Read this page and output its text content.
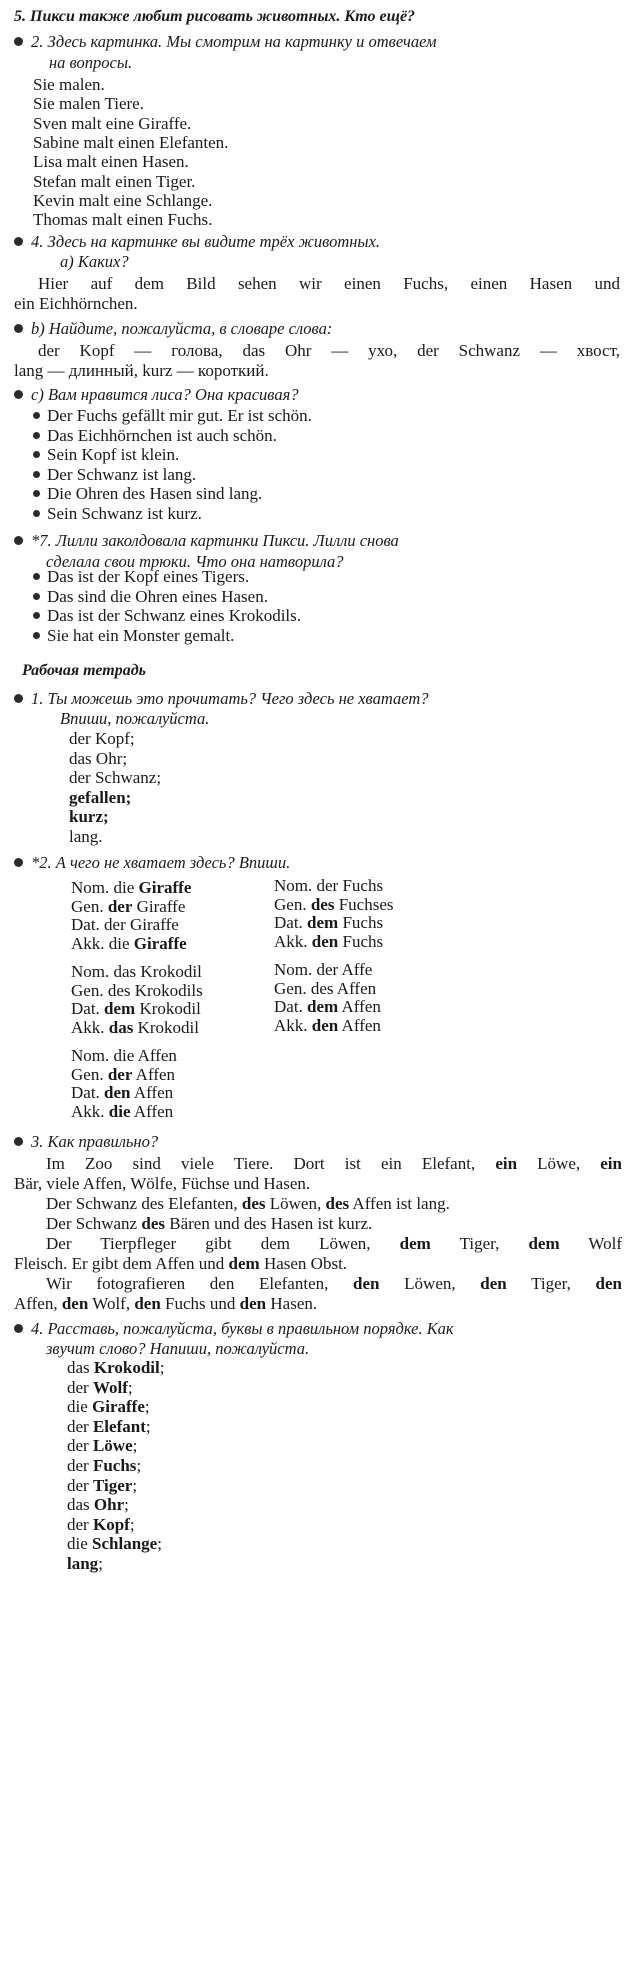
5. Пикси также любит рисовать животных. Кто ещё?
2. Здесь картинка. Мы смотрим на картинку и отвечаем
на вопросы.
Sie malen.
Sie malen Tiere.
Sven malt eine Giraffe.
Sabine malt einen Elefanten.
Lisa malt einen Hasen.
Stefan malt einen Tiger.
Kevin malt eine Schlange.
Thomas malt einen Fuchs.
4. Здесь на картинке вы видите трёх животных.
a) Каких?
Hier auf dem Bild sehen wir einen Fuchs, einen Hasen und
ein Eichhörnchen.
b) Найдите, пожалуйста, в словаре слова:
der Kopf — голова, das Ohr — ухо, der Schwanz — хвост,
lang — длинный, kurz — короткий.
c) Вам нравится лиса? Она красивая?
Der Fuchs gefällt mir gut. Er ist schön.
Das Eichhörnchen ist auch schön.
Sein Kopf ist klein.
Der Schwanz ist lang.
Die Ohren des Hasen sind lang.
Sein Schwanz ist kurz.
*7. Лилли заколдовала картинки Пикси. Лилли снова
сделала свои трюки. Что она натворила?
Das ist der Kopf eines Tigers.
Das sind die Ohren eines Hasen.
Das ist der Schwanz eines Krokodils.
Sie hat ein Monster gemalt.
Рабочая тетрадь
1. Ты можешь это прочитать? Чего здесь не хватает?
Впиши, пожалуйста.
der Kopf;
das Ohr;
der Schwanz;
gefallen;
kurz;
lang.
*2. А чего не хватает здесь? Впиши.
Nom. die Giraffe
Gen. der Giraffe
Dat. der Giraffe
Akk. die Giraffe
Nom. der Fuchs
Gen. des Fuchses
Dat. dem Fuchs
Akk. den Fuchs
Nom. das Krokodil
Gen. des Krokodils
Dat. dem Krokodil
Akk. das Krokodil
Nom. der Affe
Gen. des Affen
Dat. dem Affen
Akk. den Affen
Nom. die Affen
Gen. der Affen
Dat. den Affen
Akk. die Affen
3. Как правильно?
Im Zoo sind viele Tiere. Dort ist ein Elefant, ein Löwe, ein
Bär, viele Affen, Wölfe, Füchse und Hasen.
Der Schwanz des Elefanten, des Löwen, des Affen ist lang.
Der Schwanz des Bären und des Hasen ist kurz.
Der Tierpfleger gibt dem Löwen, dem Tiger, dem Wolf
Fleisch. Er gibt dem Affen und dem Hasen Obst.
Wir fotografieren den Elefanten, den Löwen, den Tiger, den
Affen, den Wolf, den Fuchs und den Hasen.
4. Расставь, пожалуйста, буквы в правильном порядке. Как
звучит слово? Напиши, пожалуйста.
das Krokodil;
der Wolf;
die Giraffe;
der Elefant;
der Löwe;
der Fuchs;
der Tiger;
das Ohr;
der Kopf;
die Schlange;
lang;
